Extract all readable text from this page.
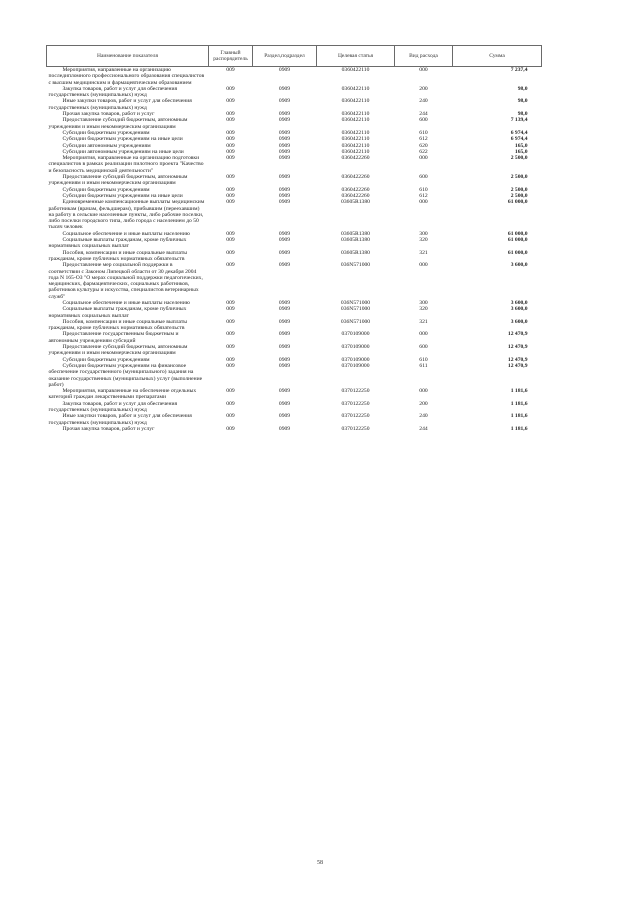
Наименование показателя	Главный распорядитель	Раздел,подраздел	Целевая статья	Вид расхода	Сумма
Мероприятия, направленные на организацию последипломного профессионального образования специалистов с высшим медицинским и фармацевтическим образованием	009	0909	0360422110	000	7 237,4
Закупка товаров, работ и услуг для обеспечения государственных (муниципальных) нужд	009	0909	0360422110	200	98,0
Иные закупки товаров, работ и услуг для обеспечения государственных (муниципальных) нужд	009	0909	0360422110	240	98,0
Прочая закупка товаров, работ и услуг	009	0909	0360422110	244	98,0
Предоставление субсидий бюджетным, автономным учреждениям и иным некоммерческим организациям	009	0909	0360422110	600	7 139,4
Субсидии бюджетным учреждениям	009	0909	0360422110	610	6 974,4
Субсидии бюджетным учреждениям на иные цели	009	0909	0360422110	612	6 974,4
Субсидии автономным учреждениям	009	0909	0360422110	620	165,0
Субсидии автономным учреждениям на иные цели	009	0909	0360422110	622	165,0
Мероприятия, направленные на организацию подготовки специалистов в рамках реализации пилотного проекта "Качество и безопасность медицинской деятельности"	009	0909	0360422260	000	2 500,0
Предоставление субсидий бюджетным, автономным учреждениям и иным некоммерческим организациям	009	0909	0360422260	600	2 500,0
Субсидии бюджетным учреждениям	009	0909	0360422260	610	2 500,0
Субсидии бюджетным учреждениям на иные цели	009	0909	0360422260	612	2 500,0
Единовременные компенсационные выплаты медицинским работникам (врачам, фельдшерам), прибывшим (переехавшим) на работу в сельские населенные пункты, либо рабочие поселки, либо поселки городского типа, либо города с населением до 50 тысяч человек	009	0909	03605R1380	000	61 000,0
Социальное обеспечение и иные выплаты населению	009	0909	03605R1380	300	61 000,0
Социальные выплаты гражданам, кроме публичных нормативных социальных выплат	009	0909	03605R1380	320	61 000,0
Пособия, компенсации и иные социальные выплаты гражданам, кроме публичных нормативных обязательств	009	0909	03605R1380	321	61 000,0
Предоставление мер социальной поддержки в соответствии с Законом Липецкой области от 30 декабря 2004 года N 165-ОЗ "О мерах социальной поддержки педагогических, медицинских, фармацевтических, социальных работников, работников культуры и искусства, специалистов ветеринарных служб"	009	0909	036N571000	000	3 600,0
Социальное обеспечение и иные выплаты населению	009	0909	036N571000	300	3 600,0
Социальные выплаты гражданам, кроме публичных нормативных социальных выплат	009	0909	036N571000	320	3 600,0
Пособия, компенсации и иные социальные выплаты гражданам, кроме публичных нормативных обязательств	009	0909	036N571000	321	3 600,0
Предоставление государственным бюджетным и автономным учреждениям субсидий	009	0909	0370109000	000	12 470,9
Предоставление субсидий бюджетным, автономным учреждениям и иным некоммерческим организациям	009	0909	0370109000	600	12 470,9
Субсидии бюджетным учреждениям	009	0909	0370109000	610	12 470,9
Субсидии бюджетным учреждениям на финансовое обеспечение государственного (муниципального) задания на оказание государственных (муниципальных) услуг (выполнение работ)	009	0909	0370109000	611	12 470,9
Мероприятия, направленные на обеспечение отдельных категорий граждан лекарственными препаратами	009	0909	0370122250	000	1 181,6
Закупка товаров, работ и услуг для обеспечения государственных (муниципальных) нужд	009	0909	0370122250	200	1 181,6
Иные закупки товаров, работ и услуг для обеспечения государственных (муниципальных) нужд	009	0909	0370122250	240	1 181,6
Прочая закупка товаров, работ и услуг	009	0909	0370122250	244	1 181,6
58
